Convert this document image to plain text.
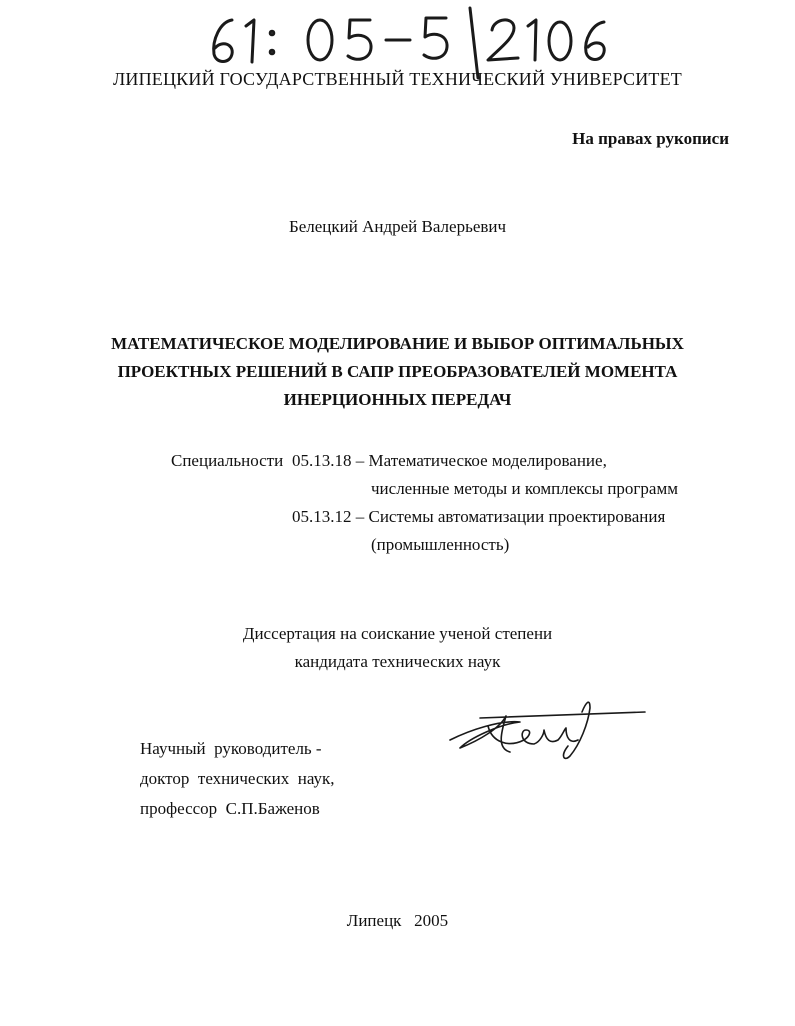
ЛИПЕЦКИЙ ГОСУДАРСТВЕННЫЙ ТЕХНИЧЕСКИЙ УНИВЕРСИТЕТ
На правах рукописи
Белецкий Андрей Валерьевич
МАТЕМАТИЧЕСКОЕ МОДЕЛИРОВАНИЕ И ВЫБОР ОПТИМАЛЬНЫХ
ПРОЕКТНЫХ РЕШЕНИЙ В САПР ПРЕОБРАЗОВАТЕЛЕЙ МОМЕНТА
ИНЕРЦИОННЫХ ПЕРЕДАЧ
Специальности 05.13.18 – Математическое моделирование,
численные методы и комплексы программ
05.13.12 – Системы автоматизации проектирования
(промышленность)
Диссертация на соискание ученой степени
кандидата технических наук
Научный  руководитель -
доктор  технических  наук,
профессор  С.П.Баженов
Липецк   2005
